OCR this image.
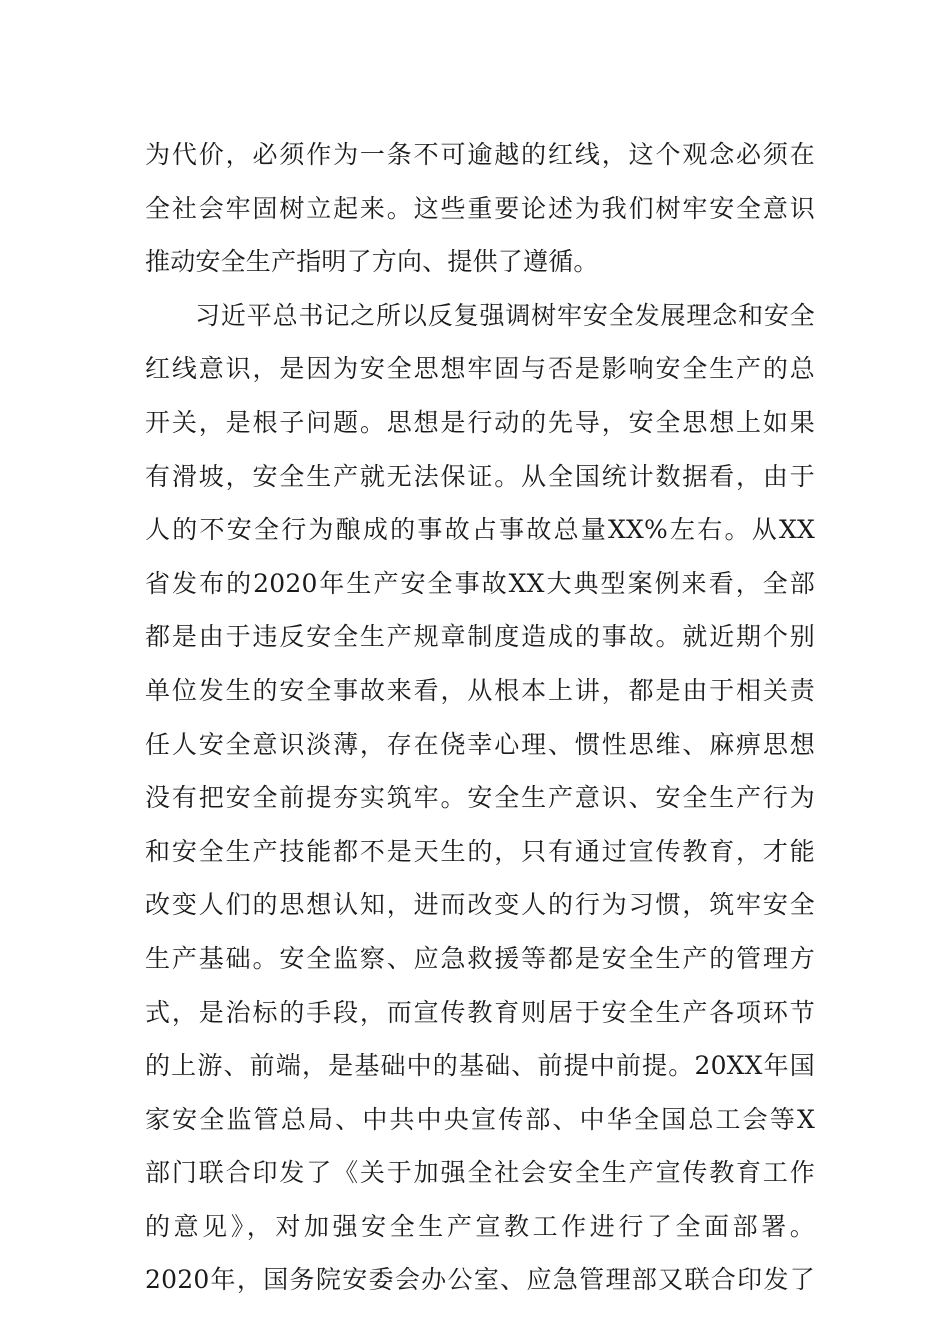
为代价，必须作为一条不可逾越的红线，这个观念必须在
全社会牢固树立起来。这些重要论述为我们树牢安全意识
推动安全生产指明了方向、提供了遵循。
习近平总书记之所以反复强调树牢安全发展理念和安全
红线意识，是因为安全思想牢固与否是影响安全生产的总
开关，是根子问题。思想是行动的先导，安全思想上如果
有滑坡，安全生产就无法保证。从全国统计数据看，由于
人的不安全行为酿成的事故占事故总量XX%左右。从XX
省发布的2020年生产安全事故XX大典型案例来看，全部
都是由于违反安全生产规章制度造成的事故。就近期个别
单位发生的安全事故来看，从根本上讲，都是由于相关责
任人安全意识淡薄，存在侥幸心理、惯性思维、麻痹思想
没有把安全前提夯实筑牢。安全生产意识、安全生产行为
和安全生产技能都不是天生的，只有通过宣传教育，才能
改变人们的思想认知，进而改变人的行为习惯，筑牢安全
生产基础。安全监察、应急救援等都是安全生产的管理方
式，是治标的手段，而宣传教育则居于安全生产各项环节
的上游、前端，是基础中的基础、前提中前提。20XX年国
家安全监管总局、中共中央宣传部、中华全国总工会等X
部门联合印发了《关于加强全社会安全生产宣传教育工作
的意见》，对加强安全生产宣教工作进行了全面部署。
2020年，国务院安委会办公室、应急管理部又联合印发了
